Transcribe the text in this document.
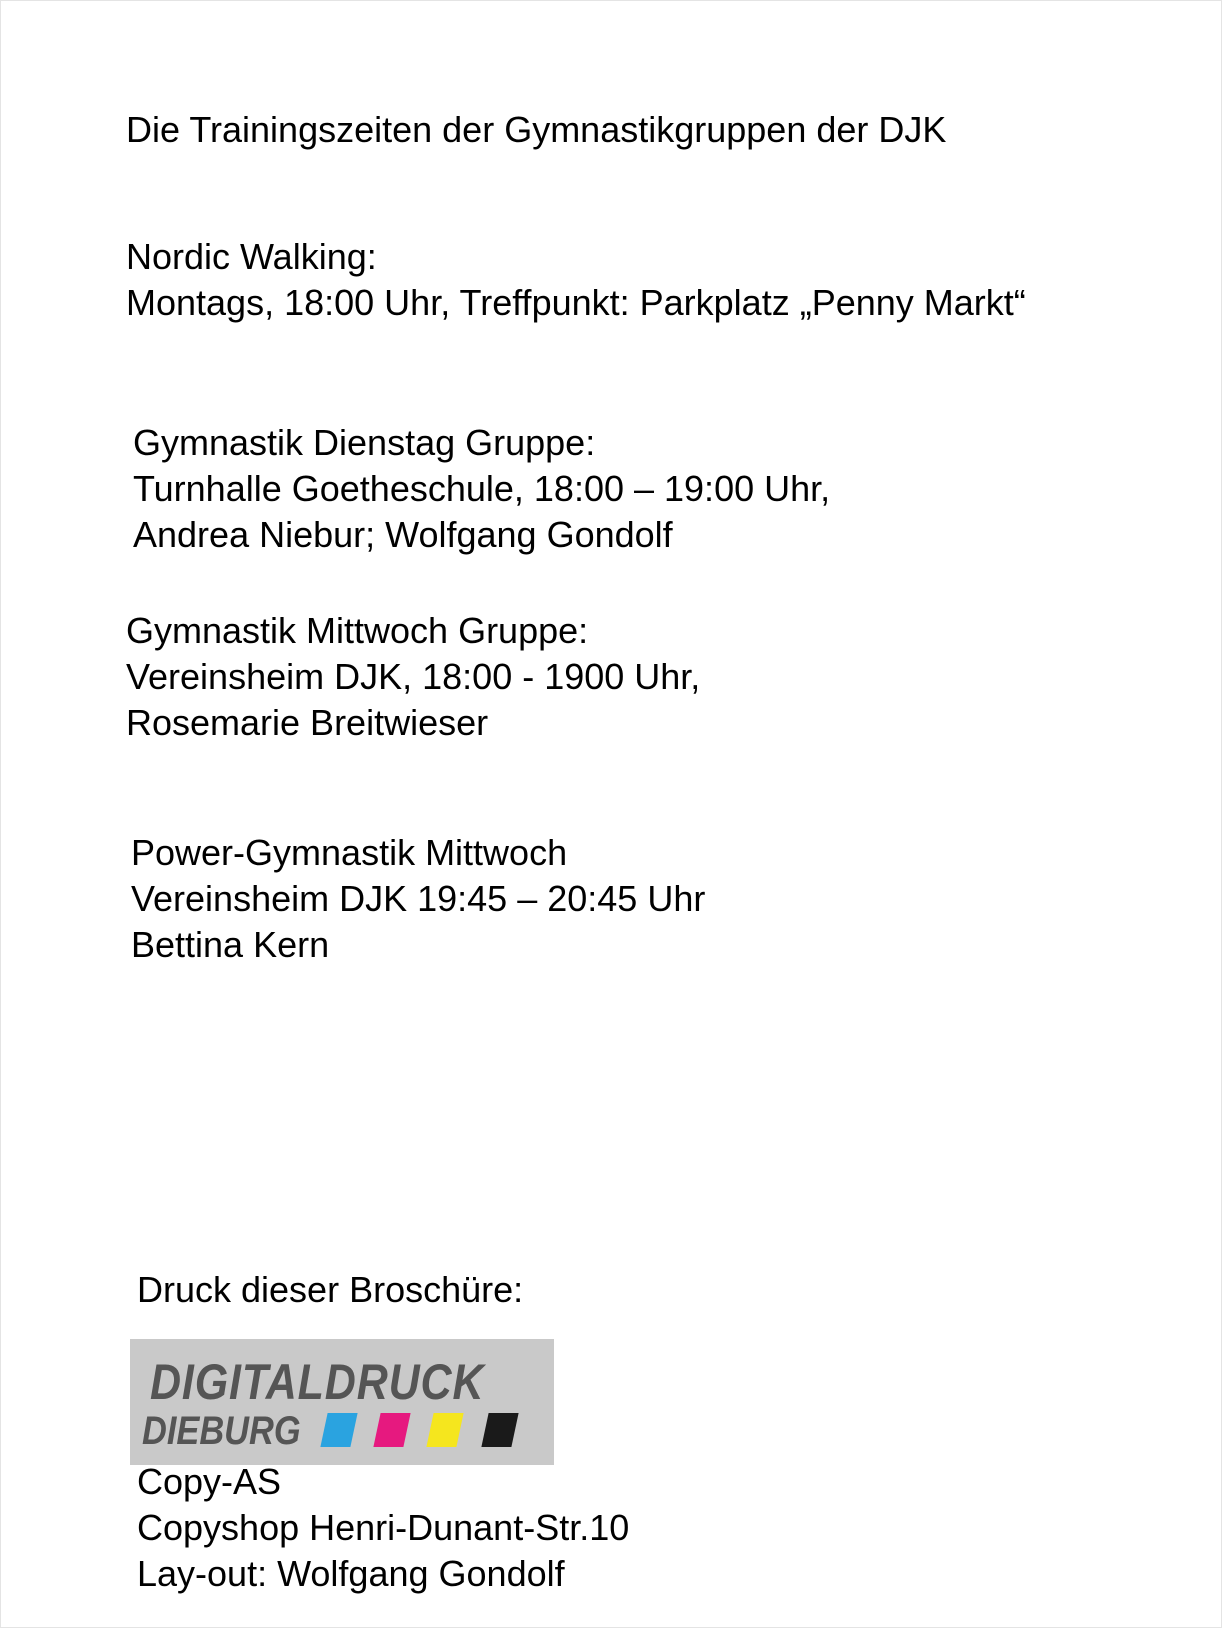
Die Trainingszeiten der Gymnastikgruppen der DJK
Nordic Walking:
Montags, 18:00 Uhr, Treffpunkt: Parkplatz „Penny Markt“
Gymnastik Dienstag Gruppe:
Turnhalle Goetheschule, 18:00 – 19:00 Uhr,
Andrea Niebur; Wolfgang Gondolf
Gymnastik Mittwoch Gruppe:
Vereinsheim DJK, 18:00 - 1900 Uhr,
Rosemarie Breitwieser
Power-Gymnastik Mittwoch
Vereinsheim DJK 19:45 – 20:45 Uhr
Bettina Kern
Druck dieser Broschüre:
DIGITALDRUCK
DIEBURG
Copy-AS
Copyshop Henri-Dunant-Str.10
Lay-out: Wolfgang Gondolf
